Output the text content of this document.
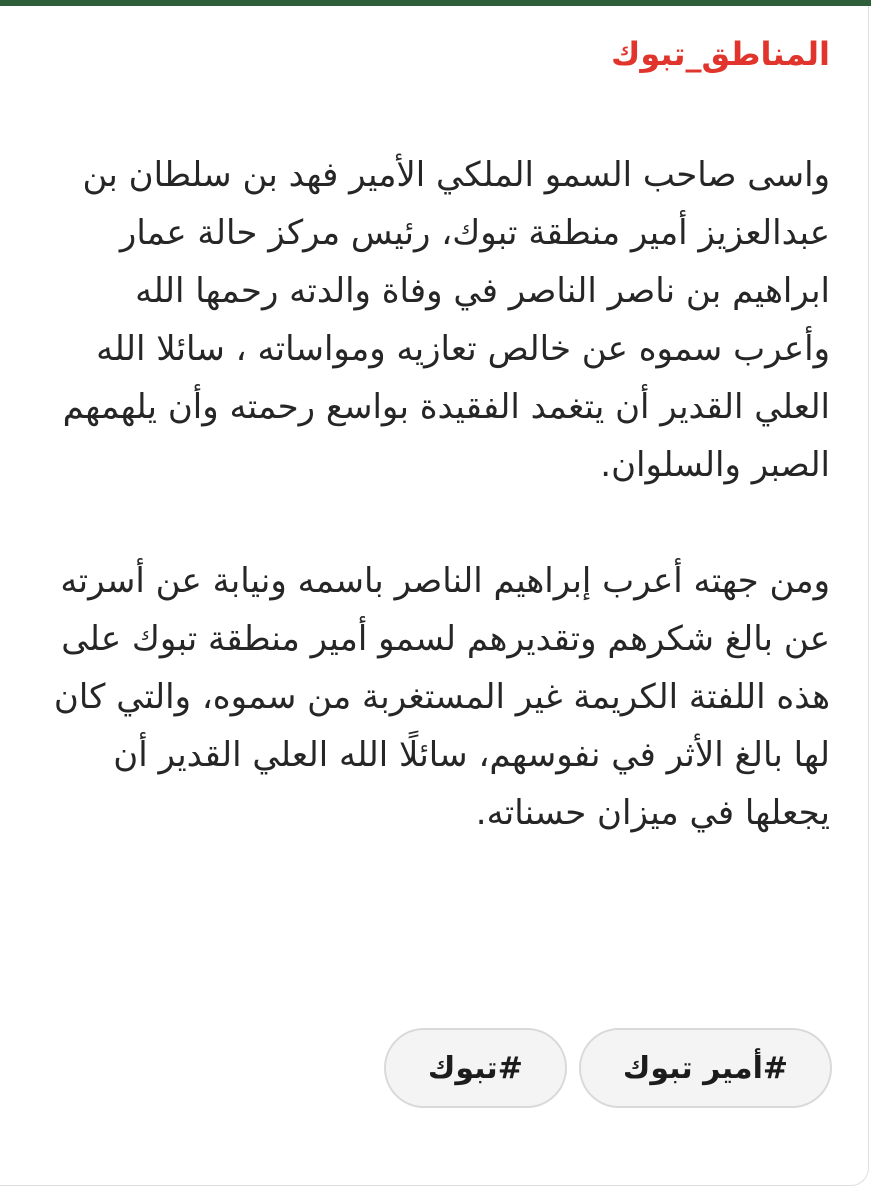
المناطق_تبوك

واسى صاحب السمو الملكي الأمير فهد بن سلطان بن عبدالعزيز أمير منطقة تبوك، رئيس مركز حالة عمار ابراهيم بن ناصر الناصر في وفاة والدته رحمها الله وأعرب سموه عن خالص تعازيه ومواساته ، سائلا الله العلي القدير أن يتغمد الفقيدة بواسع رحمته وأن يلهمهم الصبر والسلوان.

ومن جهته أعرب إبراهيم الناصر باسمه ونيابة عن أسرته عن بالغ شكرهم وتقديرهم لسمو أمير منطقة تبوك على هذه اللفتة الكريمة غير المستغربة من سموه، والتي كان لها بالغ الأثر في نفوسهم، سائلًا الله العلي القدير أن يجعلها في ميزان حسناته.

#أمير تبوك
#تبوك
